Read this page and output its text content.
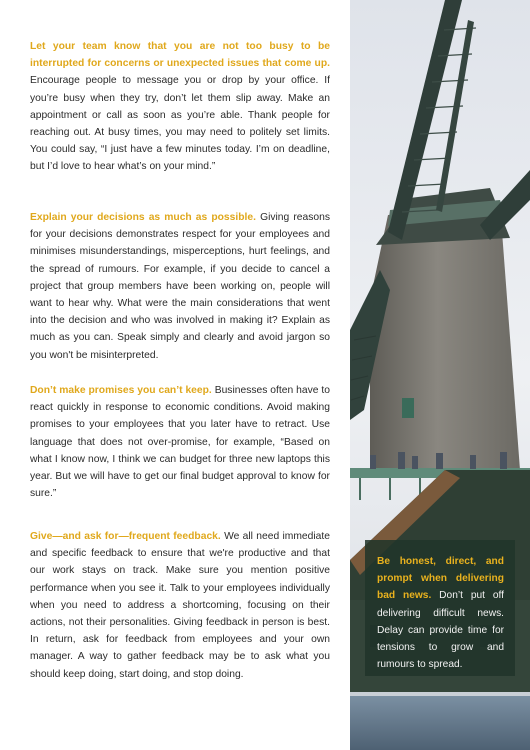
Let your team know that you are not too busy to be interrupted for concerns or unexpected issues that come up. Encourage people to message you or drop by your office. If you’re busy when they try, don’t let them slip away. Make an appointment or call as soon as you’re able. Thank people for reaching out. At busy times, you may need to politely set limits. You could say, “I just have a few minutes today. I’m on deadline, but I’d love to hear what’s on your mind.”

Explain your decisions as much as possible. Giving reasons for your decisions demonstrates respect for your employees and minimises misunderstandings, misperceptions, hurt feelings, and the spread of rumours. For example, if you decide to cancel a project that group members have been working on, people will want to hear why. What were the main considerations that went into the decision and who was involved in making it? Explain as much as you can. Speak simply and clearly and avoid jargon so you won't be misinterpreted.

Don’t make promises you can’t keep. Businesses often have to react quickly in response to economic conditions. Avoid making promises to your employees that you later have to retract. Use language that does not over-promise, for example, “Based on what I know now, I think we can budget for three new laptops this year. But we will have to get our final budget approval to know for sure.”

Give—and ask for—frequent feedback. We all need immediate and specific feedback to ensure that we're productive and that our work stays on track. Make sure you mention positive performance when you see it. Talk to your employees individually when you need to address a shortcoming, focusing on their actions, not their personalities. Giving feedback in person is best. In return, ask for feedback from employees and your own manager. A way to gather feedback may be to ask what you should keep doing, start doing, and stop doing.

Be honest, direct, and prompt when delivering bad news. Don’t put off delivering difficult news. Delay can provide time for tensions to grow and rumours to spread.
